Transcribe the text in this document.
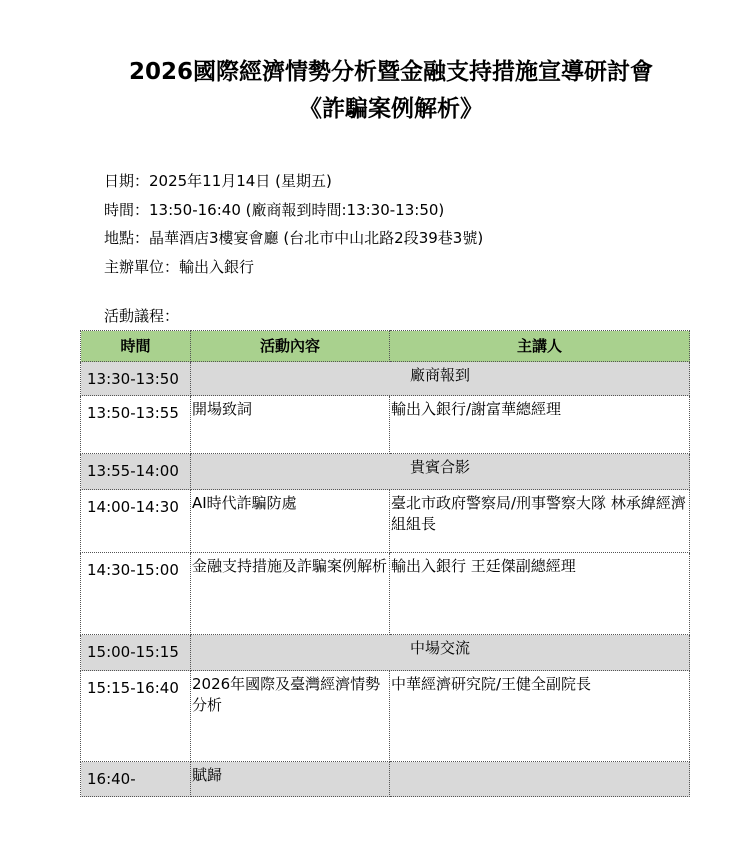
2026國際經濟情勢分析暨金融支持措施宣導研討會
《詐騙案例解析》
日期：2025年11月14日 (星期五)
時間：13:50-16:40 (廠商報到時間:13:30-13:50)
地點：晶華酒店3樓宴會廳 (台北市中山北路2段39巷3號)
主辦單位：輸出入銀行
活動議程：
時間	活動內容	主講人
13:30-13:50	廠商報到	
13:50-13:55	開場致詞	輸出入銀行/謝富華總經理
13:55-14:00	貴賓合影	
14:00-14:30	AI時代詐騙防處	臺北市政府警察局/刑事警察大隊 林承緯經濟組組長
14:30-15:00	金融支持措施及詐騙案例解析	輸出入銀行 王廷傑副總經理
15:00-15:15	中場交流	
15:15-16:40	2026年國際及臺灣經濟情勢分析	中華經濟研究院/王健全副院長
16:40-	賦歸	
